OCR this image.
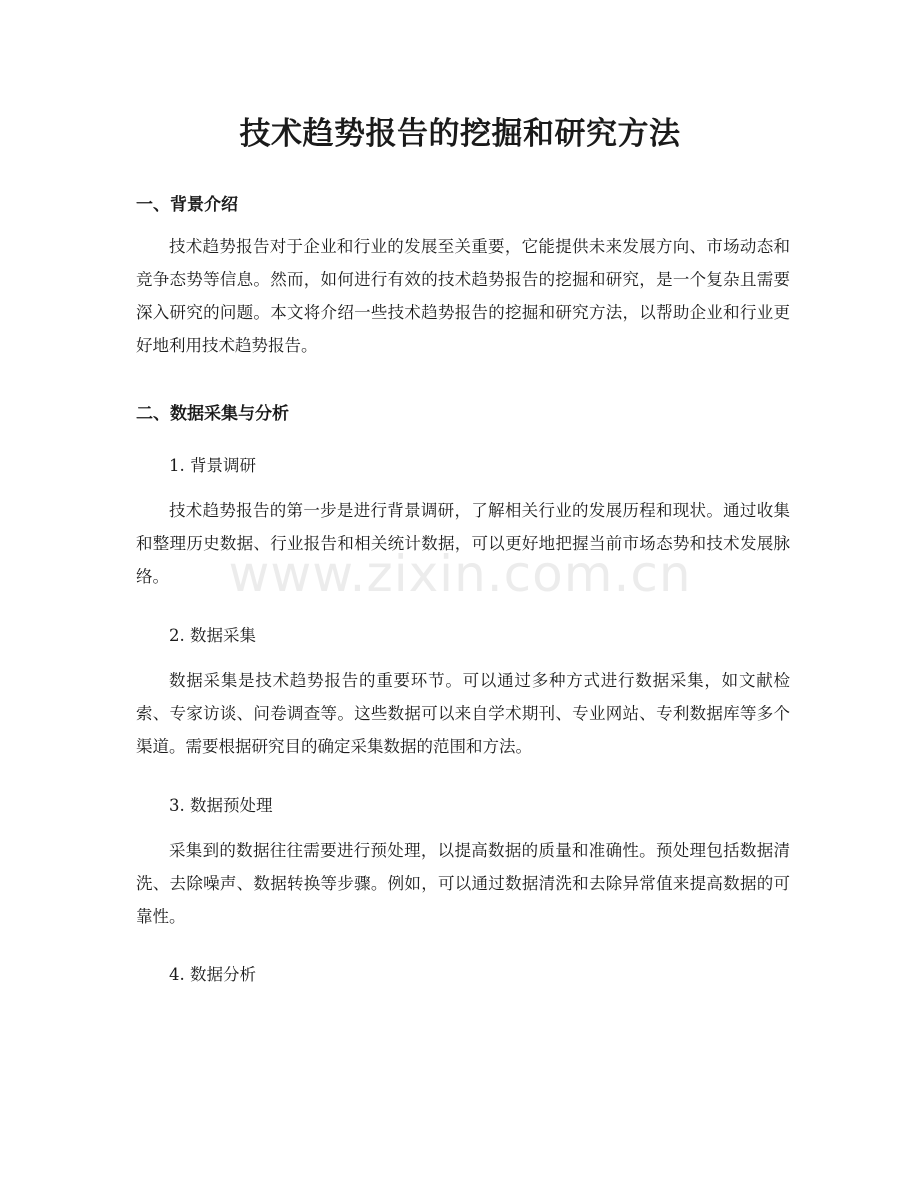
技术趋势报告的挖掘和研究方法
一、背景介绍

技术趋势报告对于企业和行业的发展至关重要，它能提供未来发展方向、市场动态和竞争态势等信息。然而，如何进行有效的技术趋势报告的挖掘和研究，是一个复杂且需要深入研究的问题。本文将介绍一些技术趋势报告的挖掘和研究方法，以帮助企业和行业更好地利用技术趋势报告。

二、数据采集与分析

1. 背景调研

技术趋势报告的第一步是进行背景调研，了解相关行业的发展历程和现状。通过收集和整理历史数据、行业报告和相关统计数据，可以更好地把握当前市场态势和技术发展脉络。

2. 数据采集

数据采集是技术趋势报告的重要环节。可以通过多种方式进行数据采集，如文献检索、专家访谈、问卷调查等。这些数据可以来自学术期刊、专业网站、专利数据库等多个渠道。需要根据研究目的确定采集数据的范围和方法。

3. 数据预处理

采集到的数据往往需要进行预处理，以提高数据的质量和准确性。预处理包括数据清洗、去除噪声、数据转换等步骤。例如，可以通过数据清洗和去除异常值来提高数据的可靠性。

4. 数据分析

www.zixin.com.cn
